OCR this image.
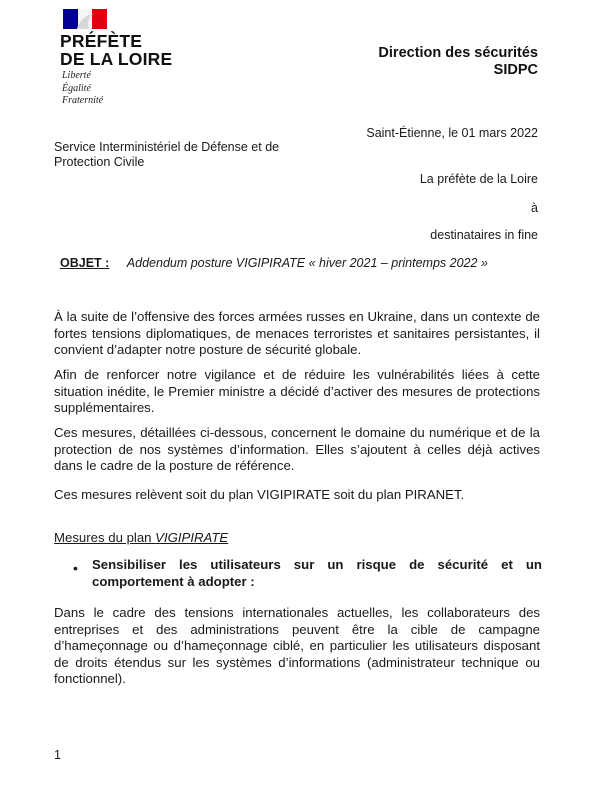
PRÉFÈTE
DE LA LOIRE
Liberté
Égalité
Fraternité
Direction des sécurités
SIDPC
Saint-Étienne, le 01 mars 2022
Service Interministériel de Défense et de
Protection Civile
La préfète de la Loire
à
destinataires in fine
OBJET : Addendum posture VIGIPIRATE « hiver 2021 – printemps 2022 »
À la suite de l’offensive des forces armées russes en Ukraine, dans un contexte de fortes tensions diplomatiques, de menaces terroristes et sanitaires persistantes, il convient d’adapter notre posture de sécurité globale.
Afin de renforcer notre vigilance et de réduire les vulnérabilités liées à cette situation inédite, le Premier ministre a décidé d’activer des mesures de protections supplémentaires.
Ces mesures, détaillées ci-dessous, concernent le domaine du numérique et de la protection de nos systèmes d’information. Elles s’ajoutent à celles déjà actives dans le cadre de la posture de référence.
Ces mesures relèvent soit du plan VIGIPIRATE soit du plan PIRANET.
Mesures du plan VIGIPIRATE
• Sensibiliser les utilisateurs sur un risque de sécurité et un comportement à adopter :
Dans le cadre des tensions internationales actuelles, les collaborateurs des entreprises et des administrations peuvent être la cible de campagne d’hameçonnage ou d’hameçonnage ciblé, en particulier les utilisateurs disposant de droits étendus sur les systèmes d’informations (administrateur technique ou fonctionnel).
1
